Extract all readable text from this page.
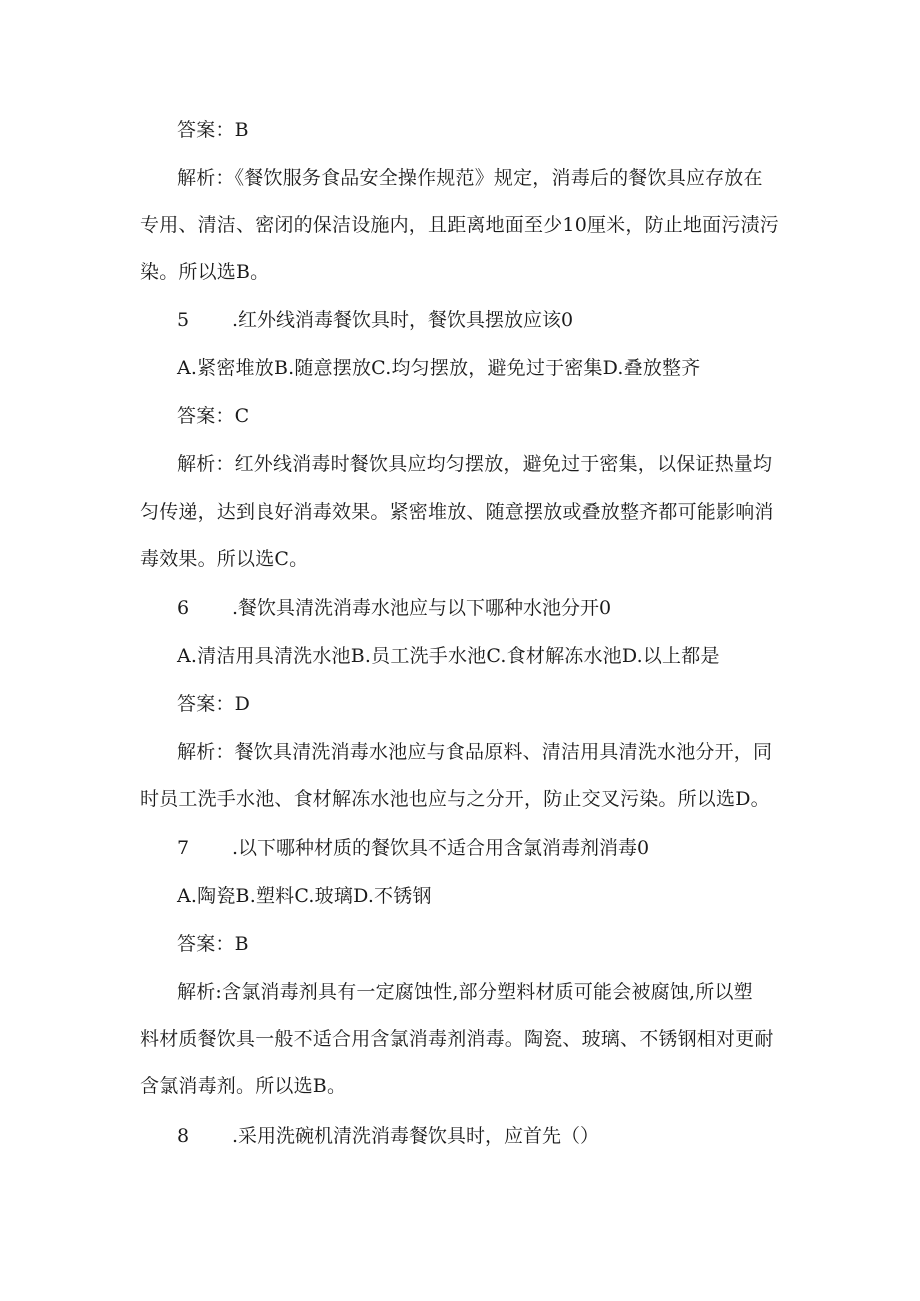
答案：B
解析：《餐饮服务食品安全操作规范》规定，消毒后的餐饮具应存放在
专用、清洁、密闭的保洁设施内，且距离地面至少10厘米，防止地面污渍污
染。所以选B。
5 .红外线消毒餐饮具时，餐饮具摆放应该0
A.紧密堆放B.随意摆放C.均匀摆放，避免过于密集D.叠放整齐
答案：C
解析：红外线消毒时餐饮具应均匀摆放，避免过于密集，以保证热量均
匀传递，达到良好消毒效果。紧密堆放、随意摆放或叠放整齐都可能影响消
毒效果。所以选C。
6 .餐饮具清洗消毒水池应与以下哪种水池分开0
A.清洁用具清洗水池B.员工洗手水池C.食材解冻水池D.以上都是
答案：D
解析：餐饮具清洗消毒水池应与食品原料、清洁用具清洗水池分开，同
时员工洗手水池、食材解冻水池也应与之分开，防止交叉污染。所以选D。
7 .以下哪种材质的餐饮具不适合用含氯消毒剂消毒0
A.陶瓷B.塑料C.玻璃D.不锈钢
答案：B
解析:含氯消毒剂具有一定腐蚀性,部分塑料材质可能会被腐蚀,所以塑
料材质餐饮具一般不适合用含氯消毒剂消毒。陶瓷、玻璃、不锈钢相对更耐
含氯消毒剂。所以选B。
8 .采用洗碗机清洗消毒餐饮具时，应首先（）
